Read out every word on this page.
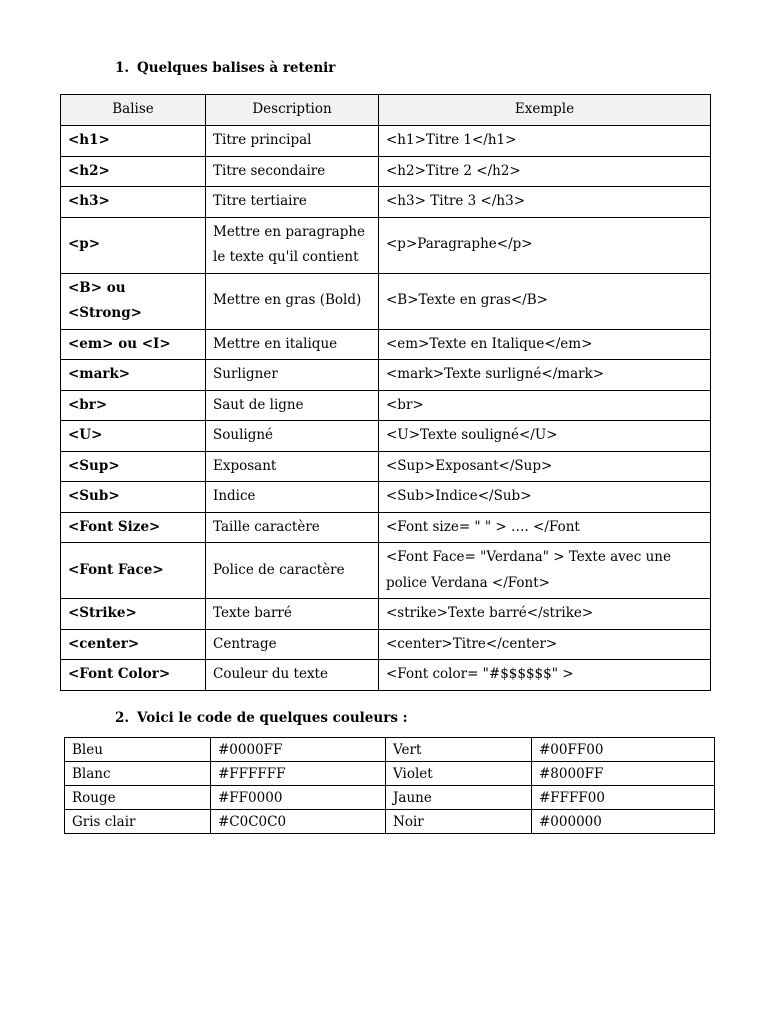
1. Quelques balises à retenir
Balise	Description	Exemple
<h1>	Titre principal	<h1>Titre 1</h1>
<h2>	Titre secondaire	<h2>Titre 2 </h2>
<h3>	Titre tertiaire	<h3> Titre 3 </h3>
<p>	Mettre en paragraphe le texte qu'il contient	<p>Paragraphe</p>
<B> ou <Strong>	Mettre en gras (Bold)	<B>Texte en gras</B>
<em> ou <I>	Mettre en italique	<em>Texte en Italique</em>
<mark>	Surligner	<mark>Texte surligné</mark>
<br>	Saut de ligne	<br>
<U>	Souligné	<U>Texte souligné</U>
<Sup>	Exposant	<Sup>Exposant</Sup>
<Sub>	Indice	<Sub>Indice</Sub>
<Font Size>	Taille caractère	<Font size= " " > …. </Font
<Font Face>	Police de caractère	<Font Face= "Verdana" > Texte avec une police Verdana </Font>
<Strike>	Texte barré	<strike>Texte barré</strike>
<center>	Centrage	<center>Titre</center>
<Font Color>	Couleur du texte	<Font color= "#$$$$$$" >
2. Voici le code de quelques couleurs :
Bleu	#0000FF	Vert	#00FF00
Blanc	#FFFFFF	Violet	#8000FF
Rouge	#FF0000	Jaune	#FFFF00
Gris clair	#C0C0C0	Noir	#000000
